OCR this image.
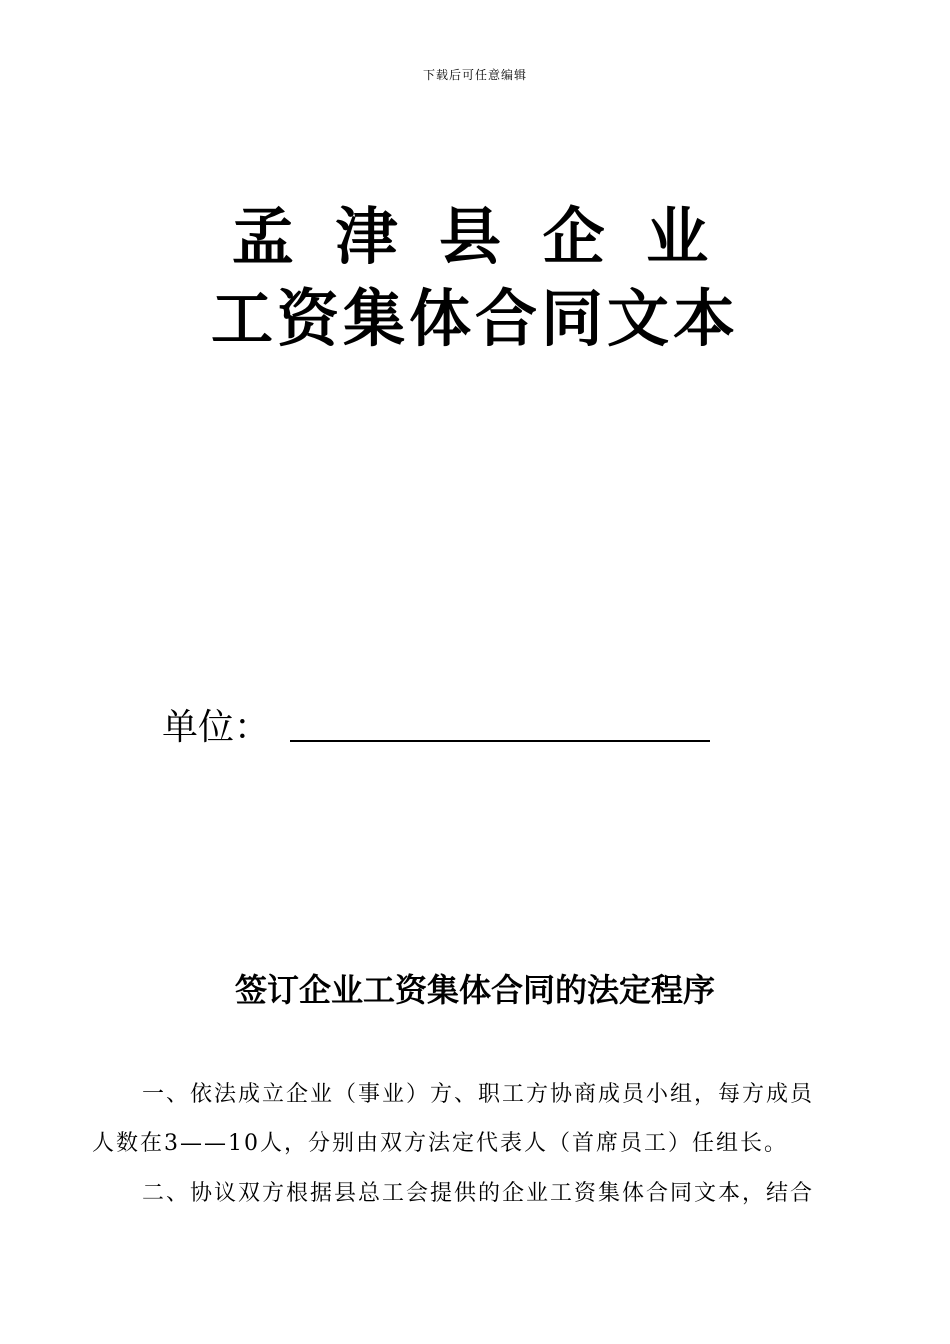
下载后可任意编辑
孟 津 县 企 业
工资集体合同文本
单位：
签订企业工资集体合同的法定程序
一、依法成立企业（事业）方、职工方协商成员小组，每方成员
人数在3——10人，分别由双方法定代表人（首席员工）任组长。
二、协议双方根据县总工会提供的企业工资集体合同文本，结合
